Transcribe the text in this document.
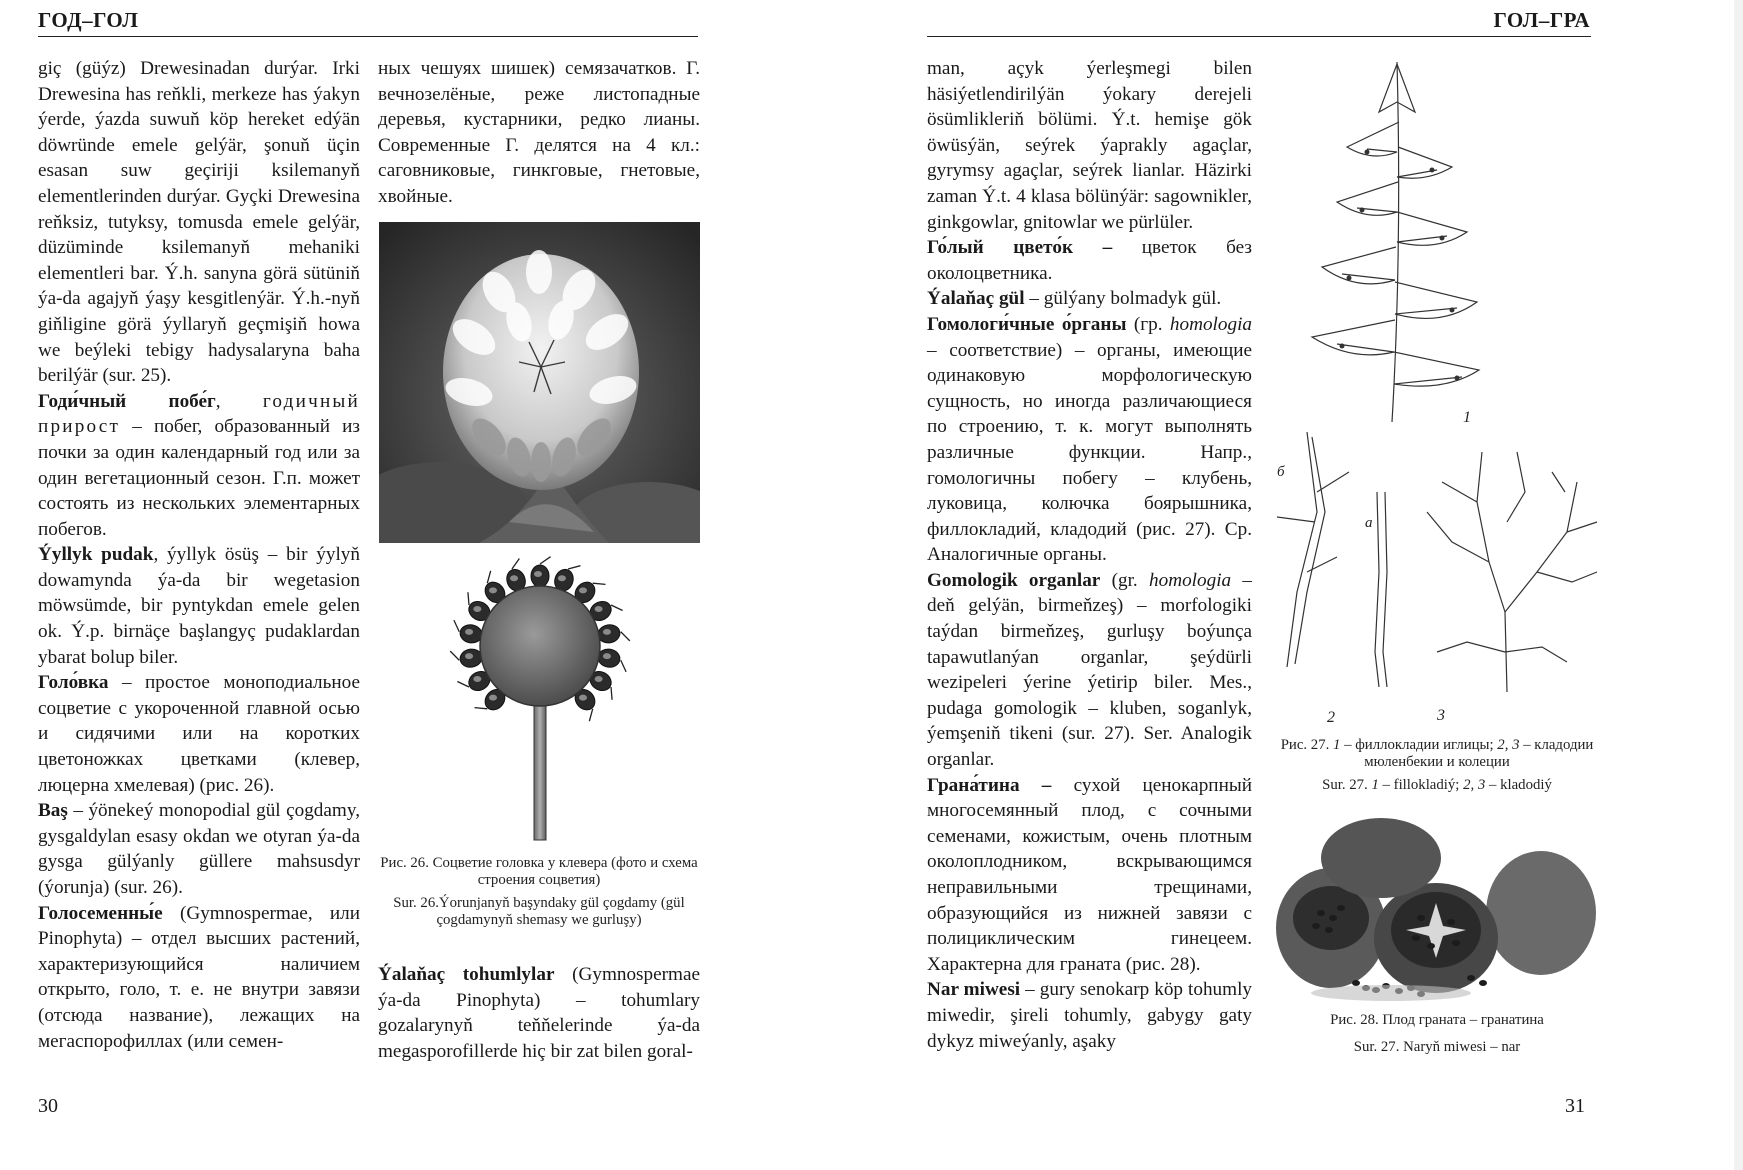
ГОД–ГОЛ

giç (güýz) Drewesinadan durýar. Irki Drewesina has reňkli, merkeze has ýakyn ýerde, ýazda suwuň köp hereket edýän döwründe emele gelýär, şonuň üçin esasan suw geçiriji ksilemanyň elementlerinden durýar. Gyçki Drewesina reňksiz, tutyksy, tomusda emele gelýär, düzüminde ksilemanyň mehaniki elementleri bar. Ý.h. sanyna görä sütüniň ýa-da agajyň ýaşy kesgitlenýär. Ý.h.-nyň giňligine görä ýyllaryň geçmişiň howa we beýleki tebigy hadysalaryna baha berilýär (sur. 25).

Годи́чный побе́г, годичный прирост – побег, образованный из почки за один календарный год или за один вегетационный сезон. Г.п. может состоять из нескольких элементарных побегов.

Ýyllyk pudak, ýyllyk ösüş – bir ýylyň dowamynda ýa-da bir wegetasion möwsümde, bir pyntykdan emele gelen ok. Ý.p. birnäçe başlangyç pudaklardan ybarat bolup biler.

Голо́вка – простое моноподиальное соцветие с укороченной главной осью и сидячими или на коротких цветоножках цветками (клевер, люцерна хмелевая) (рис. 26).

Baş – ýönekeý monopodial gül çogdamy, gysgaldylan esasy okdan we otyran ýa-da gysga gülýanly güllere mahsusdyr (ýorunja) (sur. 26).

Голосеменны́е (Gymnospermae, или Pinophyta) – отдел высших растений, характеризующийся наличием открыто, голо, т. е. не внутри завязи (отсюда название), лежащих на мегаспорофиллах (или семен-

ных чешуях шишек) семязачатков. Г. вечнозелёные, реже листопадные деревья, кустарники, редко лианы. Современные Г. делятся на 4 кл.: саговниковые, гинкговые, гнетовые, хвойные.

Рис. 26. Соцветие головка у клевера (фото и схема строения соцветия)

Sur. 26.Ýorunjanyň başyndaky gül çogdamy (gül çogdamynyň shemasy we gurluşy)

Ýalaňaç tohumlylar (Gymnospermae ýa-da Pinophyta) – tohumlary gozalarynyň teňňelerinde ýa-da megasporofillerde hiç bir zat bilen goral-

30
ГОЛ–ГРА

man, açyk ýerleşmegi bilen häsiýetlendirilýän ýokary derejeli ösümlikleriň bölümi. Ý.t. hemişe gök öwüsýän, seýrek ýaprakly agaçlar, gyrymsy agaçlar, seýrek lianlar. Häzirki zaman Ý.t. 4 klasa bölünýär: sagownikler, ginkgowlar, gnitowlar we pürlüler.

Го́лый цвето́к – цветок без околоцветника.

Ýalaňaç gül – gülýany bolmadyk gül.

Гомологи́чные о́рганы (гр. homologia – соответствие) – органы, имеющие одинаковую морфологическую сущность, но иногда различающиеся по строению, т. к. могут выполнять различные функции. Напр., гомологичны побегу – клубень, луковица, колючка боярышника, филлокладий, кладодий (рис. 27). Ср. Аналогичные органы.

Gomologik organlar (gr. homologia – deň gelýän, birmeňzeş) – morfologiki taýdan birmeňzeş, gurluşy boýunça tapawutlanýan organlar, şeýdürli wezipeleri ýerine ýetirip biler. Mes., pudaga gomologik – kluben, soganlyk, ýemşeniň tikeni (sur. 27). Ser. Analogik organlar.

Грана́тина – сухой ценокарпный многосемянный плод, с сочными семенами, кожистым, очень плотным околоплодником, вскрывающимся неправильными трещинами, образующийся из нижней завязи с полициклическим гинецеем. Характерна для граната (рис. 28).

Nar miwesi – gury senokarp köp tohumly miwedir, şireli tohumly, gabygy gaty dykyz miweýanly, aşaky

1
б
а
2	3

Рис. 27. 1 – филлокладии иглицы; 2, 3 – кладодии мюленбекии и колеции

Sur. 27. 1 – fillokladiý; 2, 3 – kladodiý

Рис. 28. Плод граната – гранатина

Sur. 27. Naryň miwesi – nar

31
